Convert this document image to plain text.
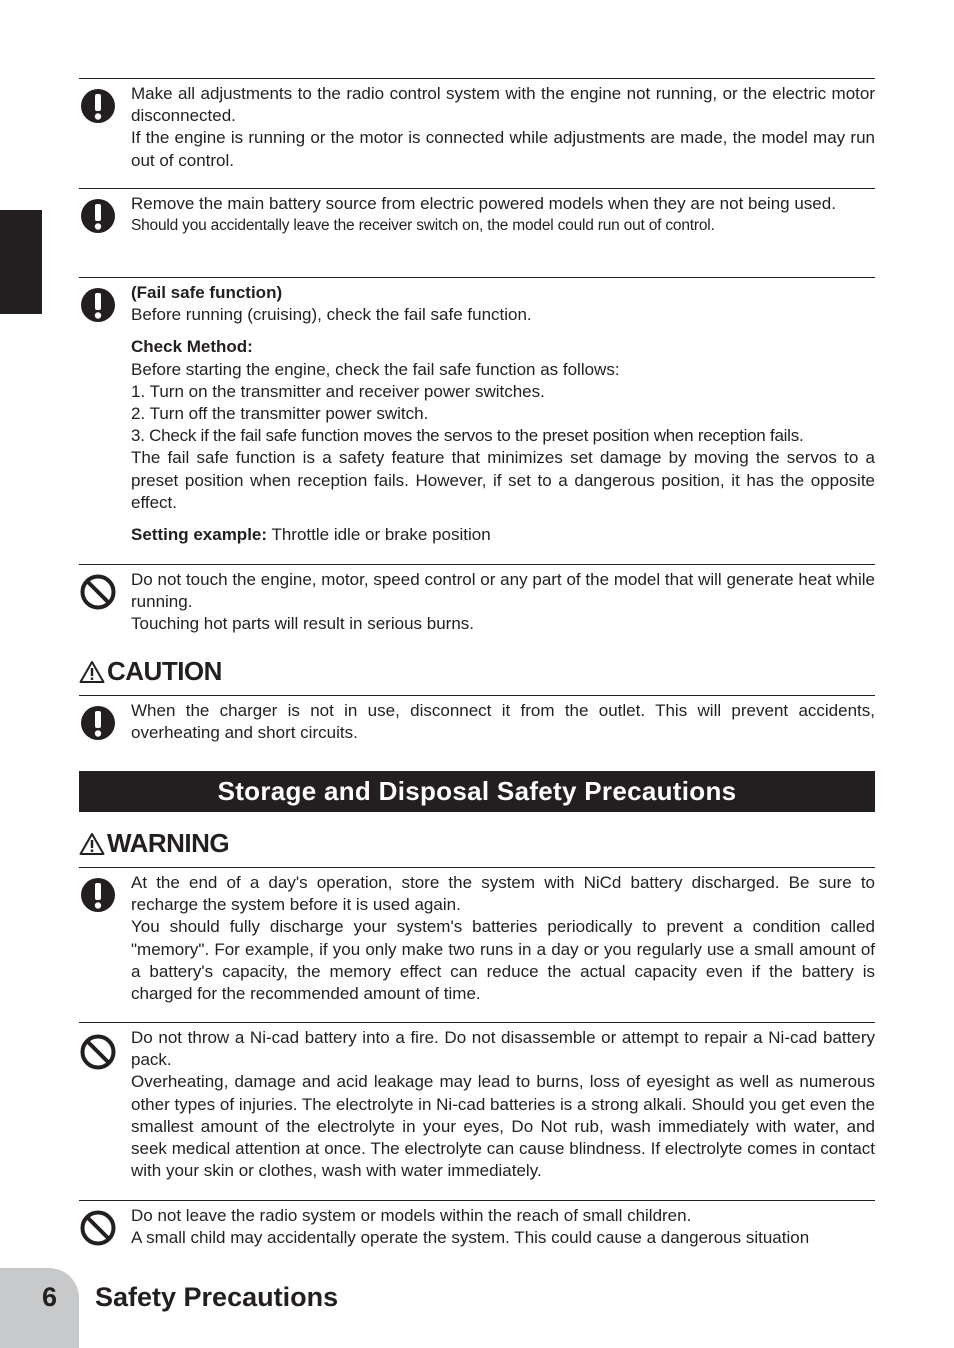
Make all adjustments to the radio control system with the engine not running, or the electric motor disconnected.

If the engine is running or the motor is connected while adjustments are made, the model may run out of control.

Remove the main battery source from electric powered models when they are not being used.

Should you accidentally leave the receiver switch on, the model could run out of control.

(Fail safe function)

Before running (cruising), check the fail safe function.

Check Method:

Before starting the engine, check the fail safe function as follows:

1. Turn on the transmitter and receiver power switches.

2. Turn off the transmitter power switch.

3. Check if the fail safe function moves the servos to the preset position when reception fails.

The fail safe function is a safety feature that minimizes set damage by moving the servos to a preset position when reception fails. However, if set to a dangerous position, it has the opposite effect.

Setting example: Throttle idle or brake position

Do not touch the engine, motor, speed control or any part of the model that will generate heat while running.

Touching hot parts will result in serious burns.

CAUTION

When the charger is not in use, disconnect it from the outlet. This will prevent accidents, overheating and short circuits.

Storage and Disposal Safety Precautions
WARNING

At the end of a day's operation, store the system with NiCd battery discharged. Be sure to recharge the system before it is used again.

You should fully discharge your system's batteries periodically to prevent a condition called "memory". For example, if you only make two runs in a day or you regularly use a small amount of a battery's capacity, the memory effect can reduce the actual capacity even if the battery is charged for the recommended amount of time.

Do not throw a Ni-cad battery into a fire. Do not disassemble or attempt to repair a Ni-cad battery pack.

Overheating, damage and acid leakage may lead to burns, loss of eyesight as well as numerous other types of injuries. The electrolyte in Ni-cad batteries is a strong alkali. Should you get even the smallest amount of the electrolyte in your eyes, Do Not rub, wash immediately with water, and seek medical attention at once. The electrolyte can cause blindness. If electrolyte comes in contact with your skin or clothes, wash with water immediately.

Do not leave the radio system or models within the reach of small children.

A small child may accidentally operate the system. This could cause a dangerous situation

6 Safety Precautions
